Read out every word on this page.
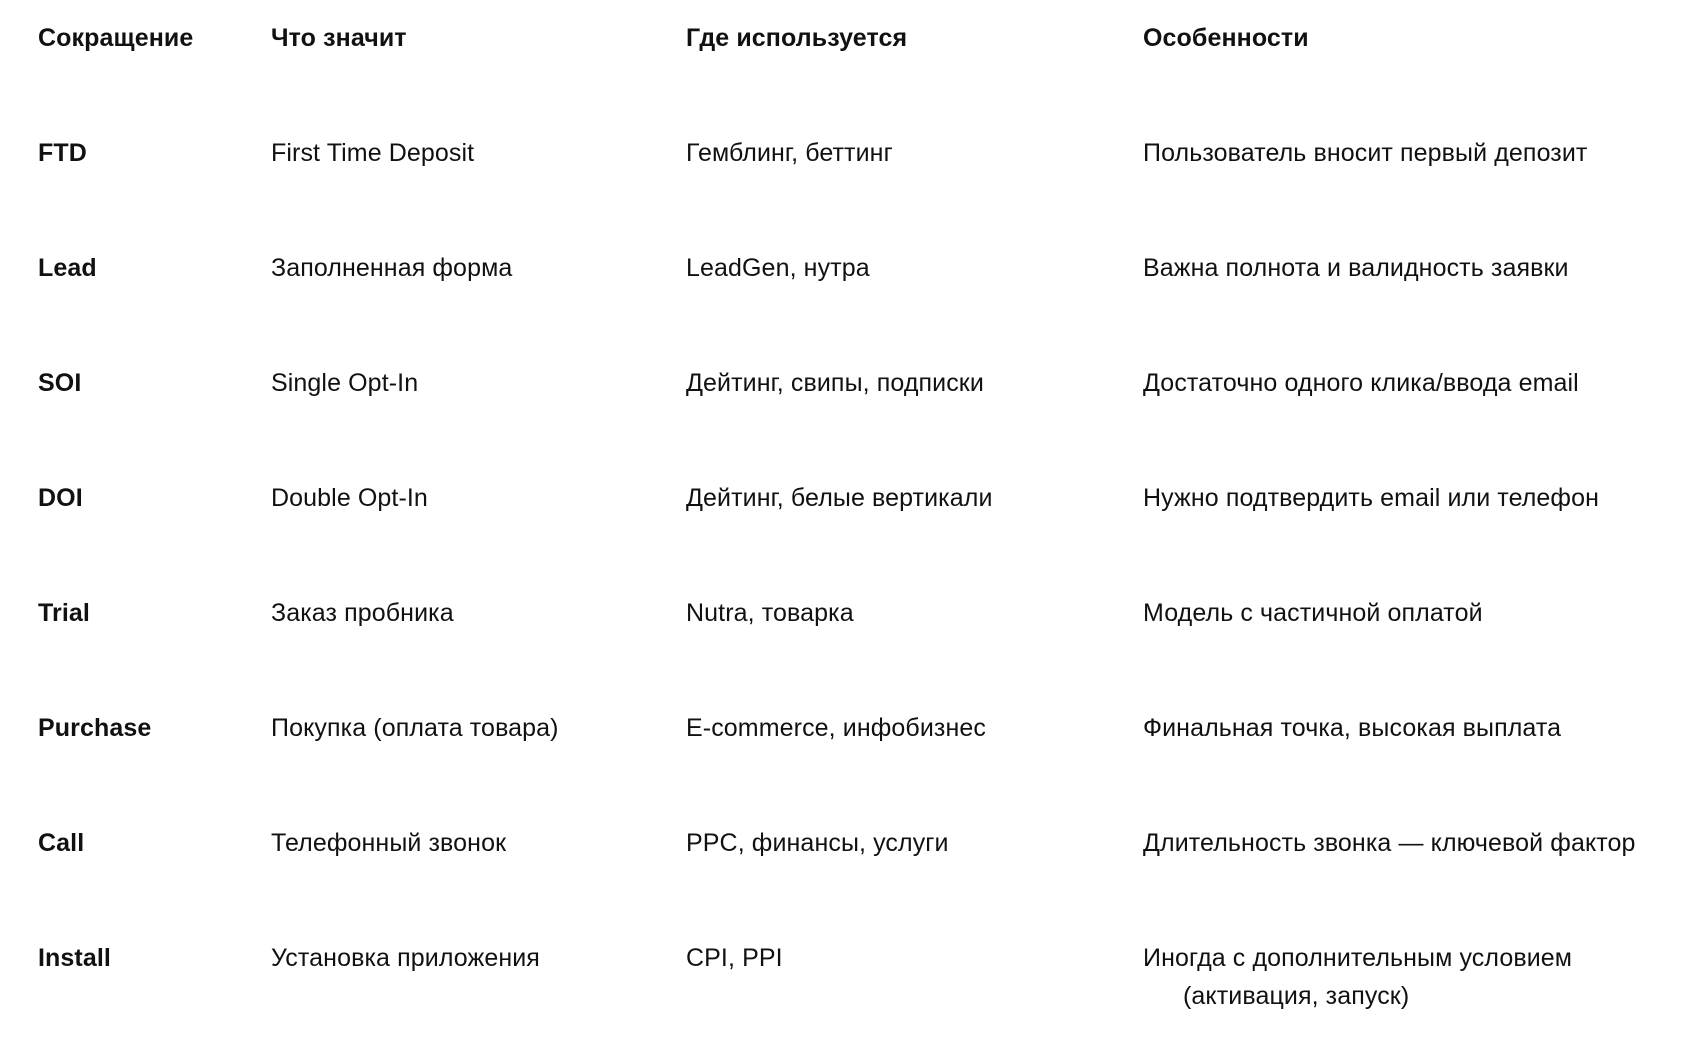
Сокращение	Что значит	Где используется	Особенности
FTD	First Time Deposit	Гемблинг, беттинг	Пользователь вносит первый депозит
Lead	Заполненная форма	LeadGen, нутра	Важна полнота и валидность заявки
SOI	Single Opt-In	Дейтинг, свипы, подписки	Достаточно одного клика/ввода email
DOI	Double Opt-In	Дейтинг, белые вертикали	Нужно подтвердить email или телефон
Trial	Заказ пробника	Nutra, товарка	Модель с частичной оплатой
Purchase	Покупка (оплата товара)	E-commerce, инфобизнес	Финальная точка, высокая выплата
Call	Телефонный звонок	PPC, финансы, услуги	Длительность звонка — ключевой фактор
Install	Установка приложения	CPI, PPI	Иногда с дополнительным условием
(активация, запуск)
